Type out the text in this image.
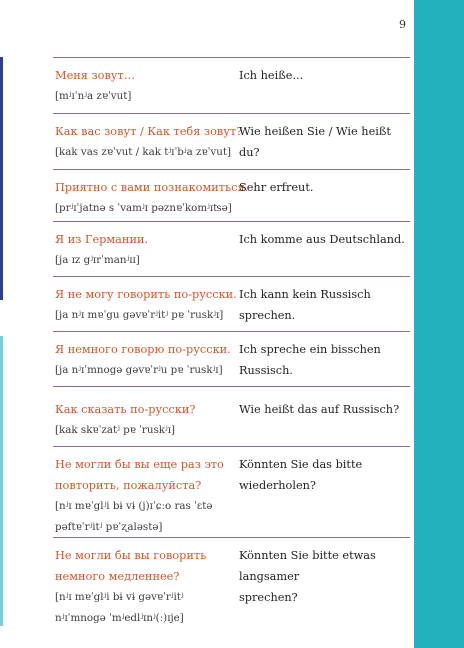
9
Меня зовут…
[mʲɪˈnʲa zɐˈvut]
Ich heiße...
Как вас зовут / Как тебя зовут?
[kak vas zɐˈvut / kak tʲɪˈbʲa zɐˈvut]
Wie heißen Sie / Wie heißt du?
Приятно с вами познакомиться.
[prʲɪˈjatnə s ˈvamʲɪ pəznɐˈkomʲɪʦə]
Sehr erfreut.
Я из Германии.
[ja ɪz gʲɪrˈmanʲɪɪ]
Ich komme aus Deutschland.
Я не могу говорить по-русски.
[ja nʲɪ mɐˈgu gəvɐˈrʲitʲ pɐ ˈruskʲɪ]
Ich kann kein Russisch sprechen.
Я немного говорю по-русски.
[ja nʲɪˈmnogə gəvɐˈrʲu pɐ ˈruskʲɪ]
Ich spreche ein bisschen Russisch.
Как сказать по-русски?
[kak skɐˈzatʲ pɐ ˈruskʲɪ]
Wie heißt das auf Russisch?
Не могли бы вы еще раз это
повторить, пожалуйста?
[nʲɪ mɐˈglʲi bɨ vɨ (j)ɪˈɕːo ras ˈɛtə
pəftɐˈrʲitʲ pɐˈʐaləstə]
Könnten Sie das bitte wiederholen?
Не могли бы вы говорить
немного медленнее?
[nʲɪ mɐˈglʲi bɨ vɨ gəvɐˈrʲitʲ
nʲɪˈmnogə ˈmʲedlʲɪnʲ(ː)ɪje]
Könnten Sie bitte etwas langsamer
sprechen?
